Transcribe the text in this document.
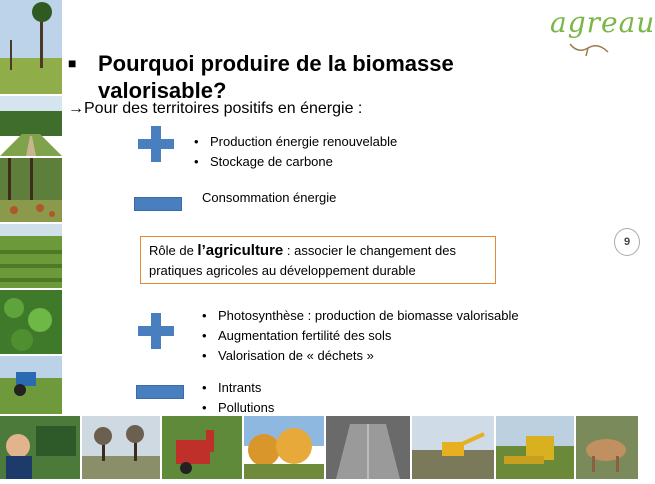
agreau
■ Pourquoi produire de la biomasse valorisable?
→Pour des territoires positifs en énergie :
• Production énergie renouvelable
• Stockage de carbone
Consommation énergie
Rôle de l’agriculture : associer le changement des pratiques agricoles au développement durable
• Photosynthèse : production de biomasse valorisable
• Augmentation fertilité des sols
• Valorisation de « déchets »
• Intrants
• Pollutions
9
